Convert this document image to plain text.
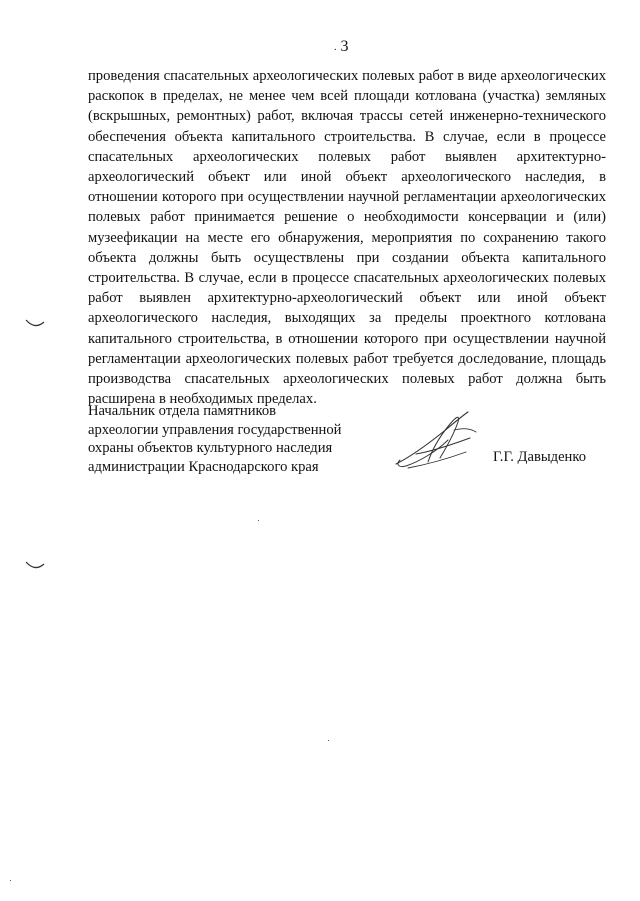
. 3

проведения спасательных археологических полевых работ в виде археологических раскопок в пределах, не менее чем всей площади котлована (участка) земляных (вскрышных, ремонтных) работ, включая трассы сетей инженерно-технического обеспечения объекта капитального строительства. В случае, если в процессе спасательных археологических полевых работ выявлен архитектурно-археологический объект или иной объект археологического наследия, в отношении которого при осуществлении научной регламентации археологических полевых работ принимается решение о необходимости консервации и (или) музеефикации на месте его обнаружения, мероприятия по сохранению такого объекта должны быть осуществлены при создании объекта капитального строительства. В случае, если в процессе спасательных археологических полевых работ выявлен архитектурно-археологический объект или иной объект археологического наследия, выходящих за пределы проектного котлована капитального строительства, в отношении которого при осуществлении научной регламентации археологических полевых работ требуется доследование, площадь производства спасательных археологических полевых работ должна быть расширена в необходимых пределах.

Начальник отдела памятников

археологии управления государственной

охраны объектов культурного наследия

администрации Краснодарского края

Г.Г. Давыденко
